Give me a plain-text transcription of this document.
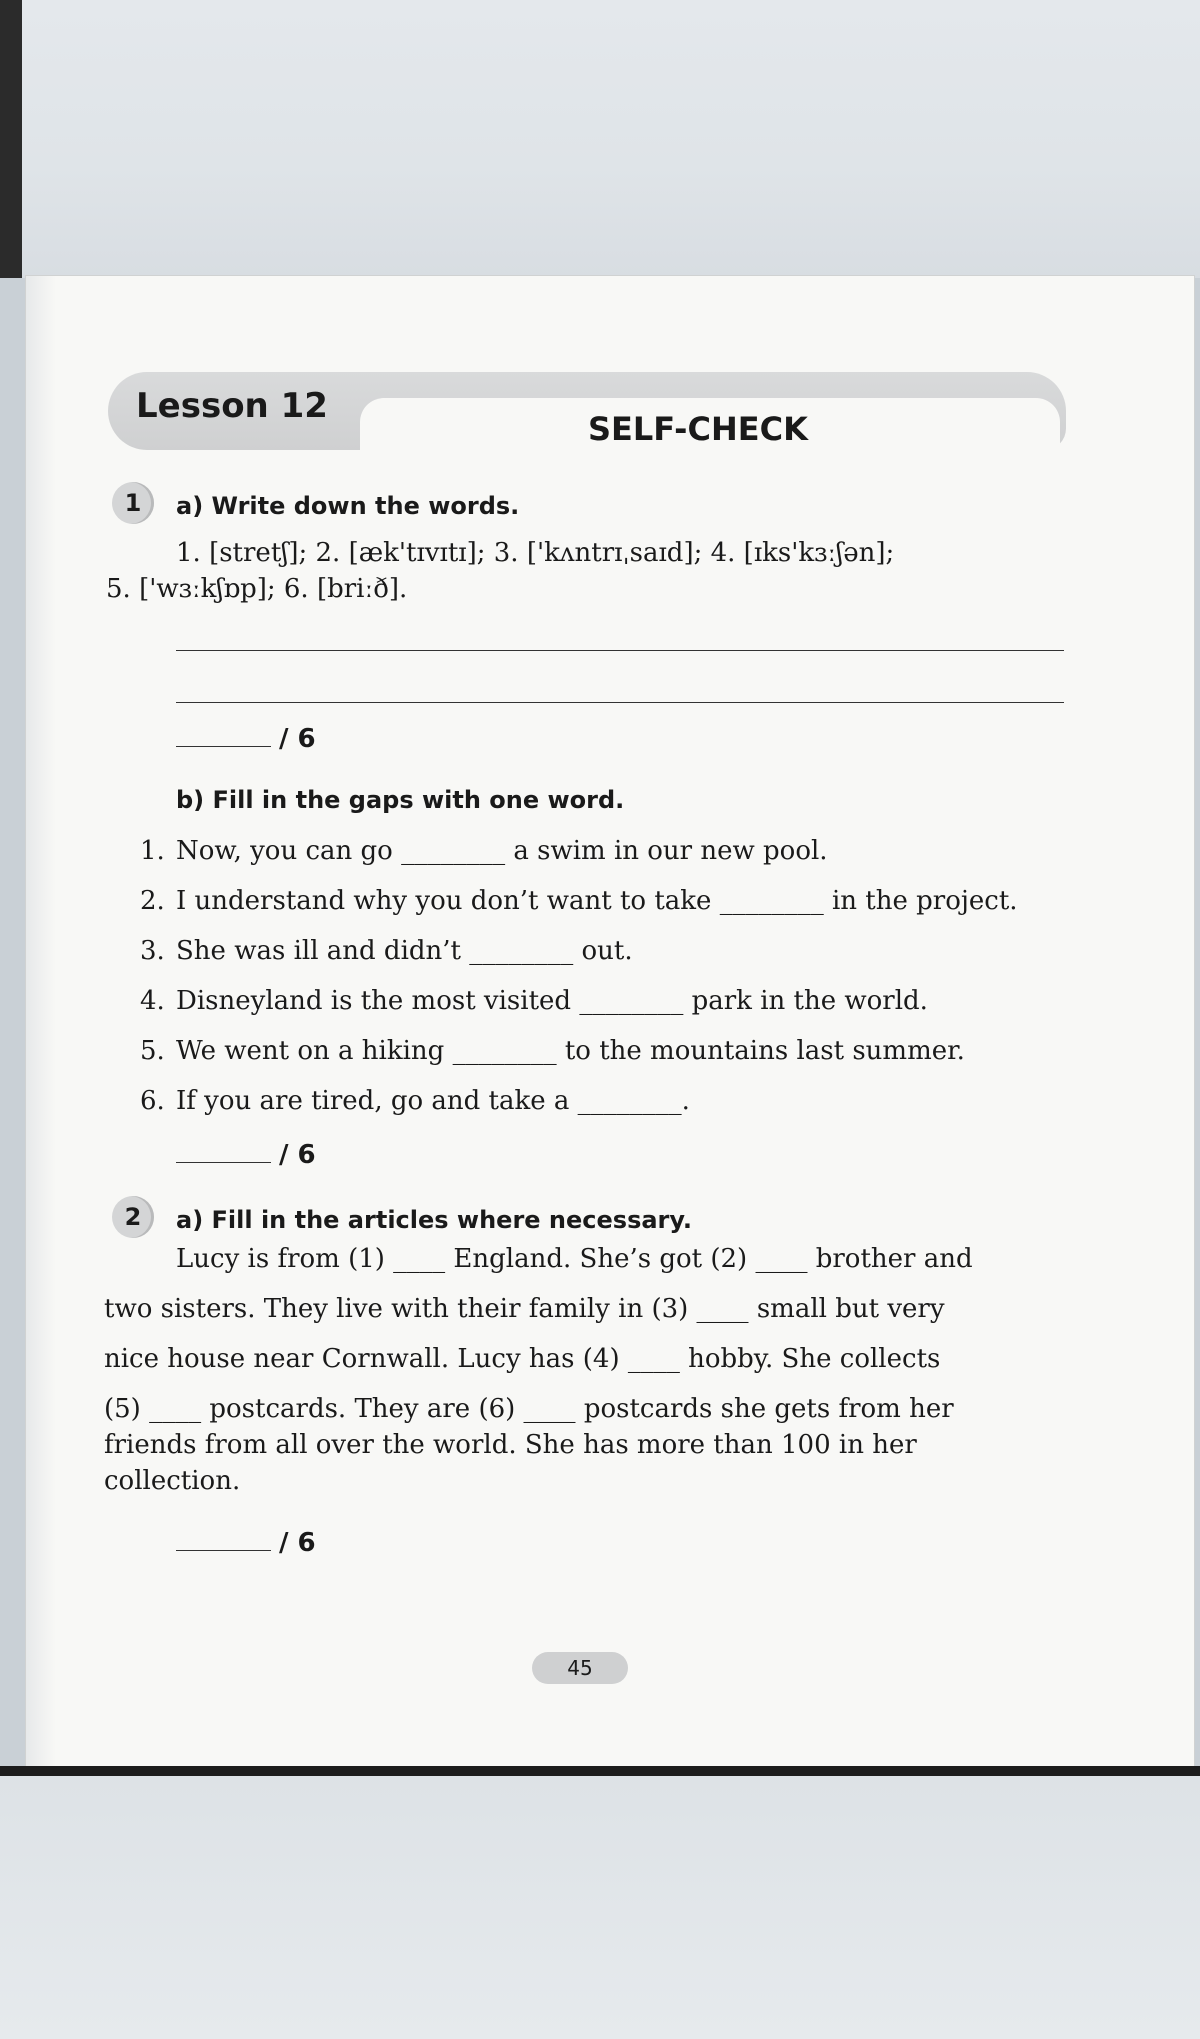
Lesson 12
SELF-CHECK
1	a) Write down the words.
1. [stretʃ]; 2. [æk'tɪvɪtɪ]; 3. ['kʌntrɪˌsaɪd]; 4. [ɪks'kɜːʃən];
5. ['wɜːkʃɒp]; 6. [briːð].
/ 6
b) Fill in the gaps with one word.
1. Now, you can go ________ a swim in our new pool.
2. I understand why you don’t want to take ________ in the project.
3. She was ill and didn’t ________ out.
4. Disneyland is the most visited ________ park in the world.
5. We went on a hiking ________ to the mountains last summer.
6. If you are tired, go and take a ________.
/ 6
2	a) Fill in the articles where necessary.
Lucy is from (1) ____ England. She’s got (2) ____ brother and
two sisters. They live with their family in (3) ____ small but very
nice house near Cornwall. Lucy has (4) ____ hobby. She collects
(5) ____ postcards. They are (6) ____ postcards she gets from her
friends from all over the world. She has more than 100 in her
collection.
/ 6
45
